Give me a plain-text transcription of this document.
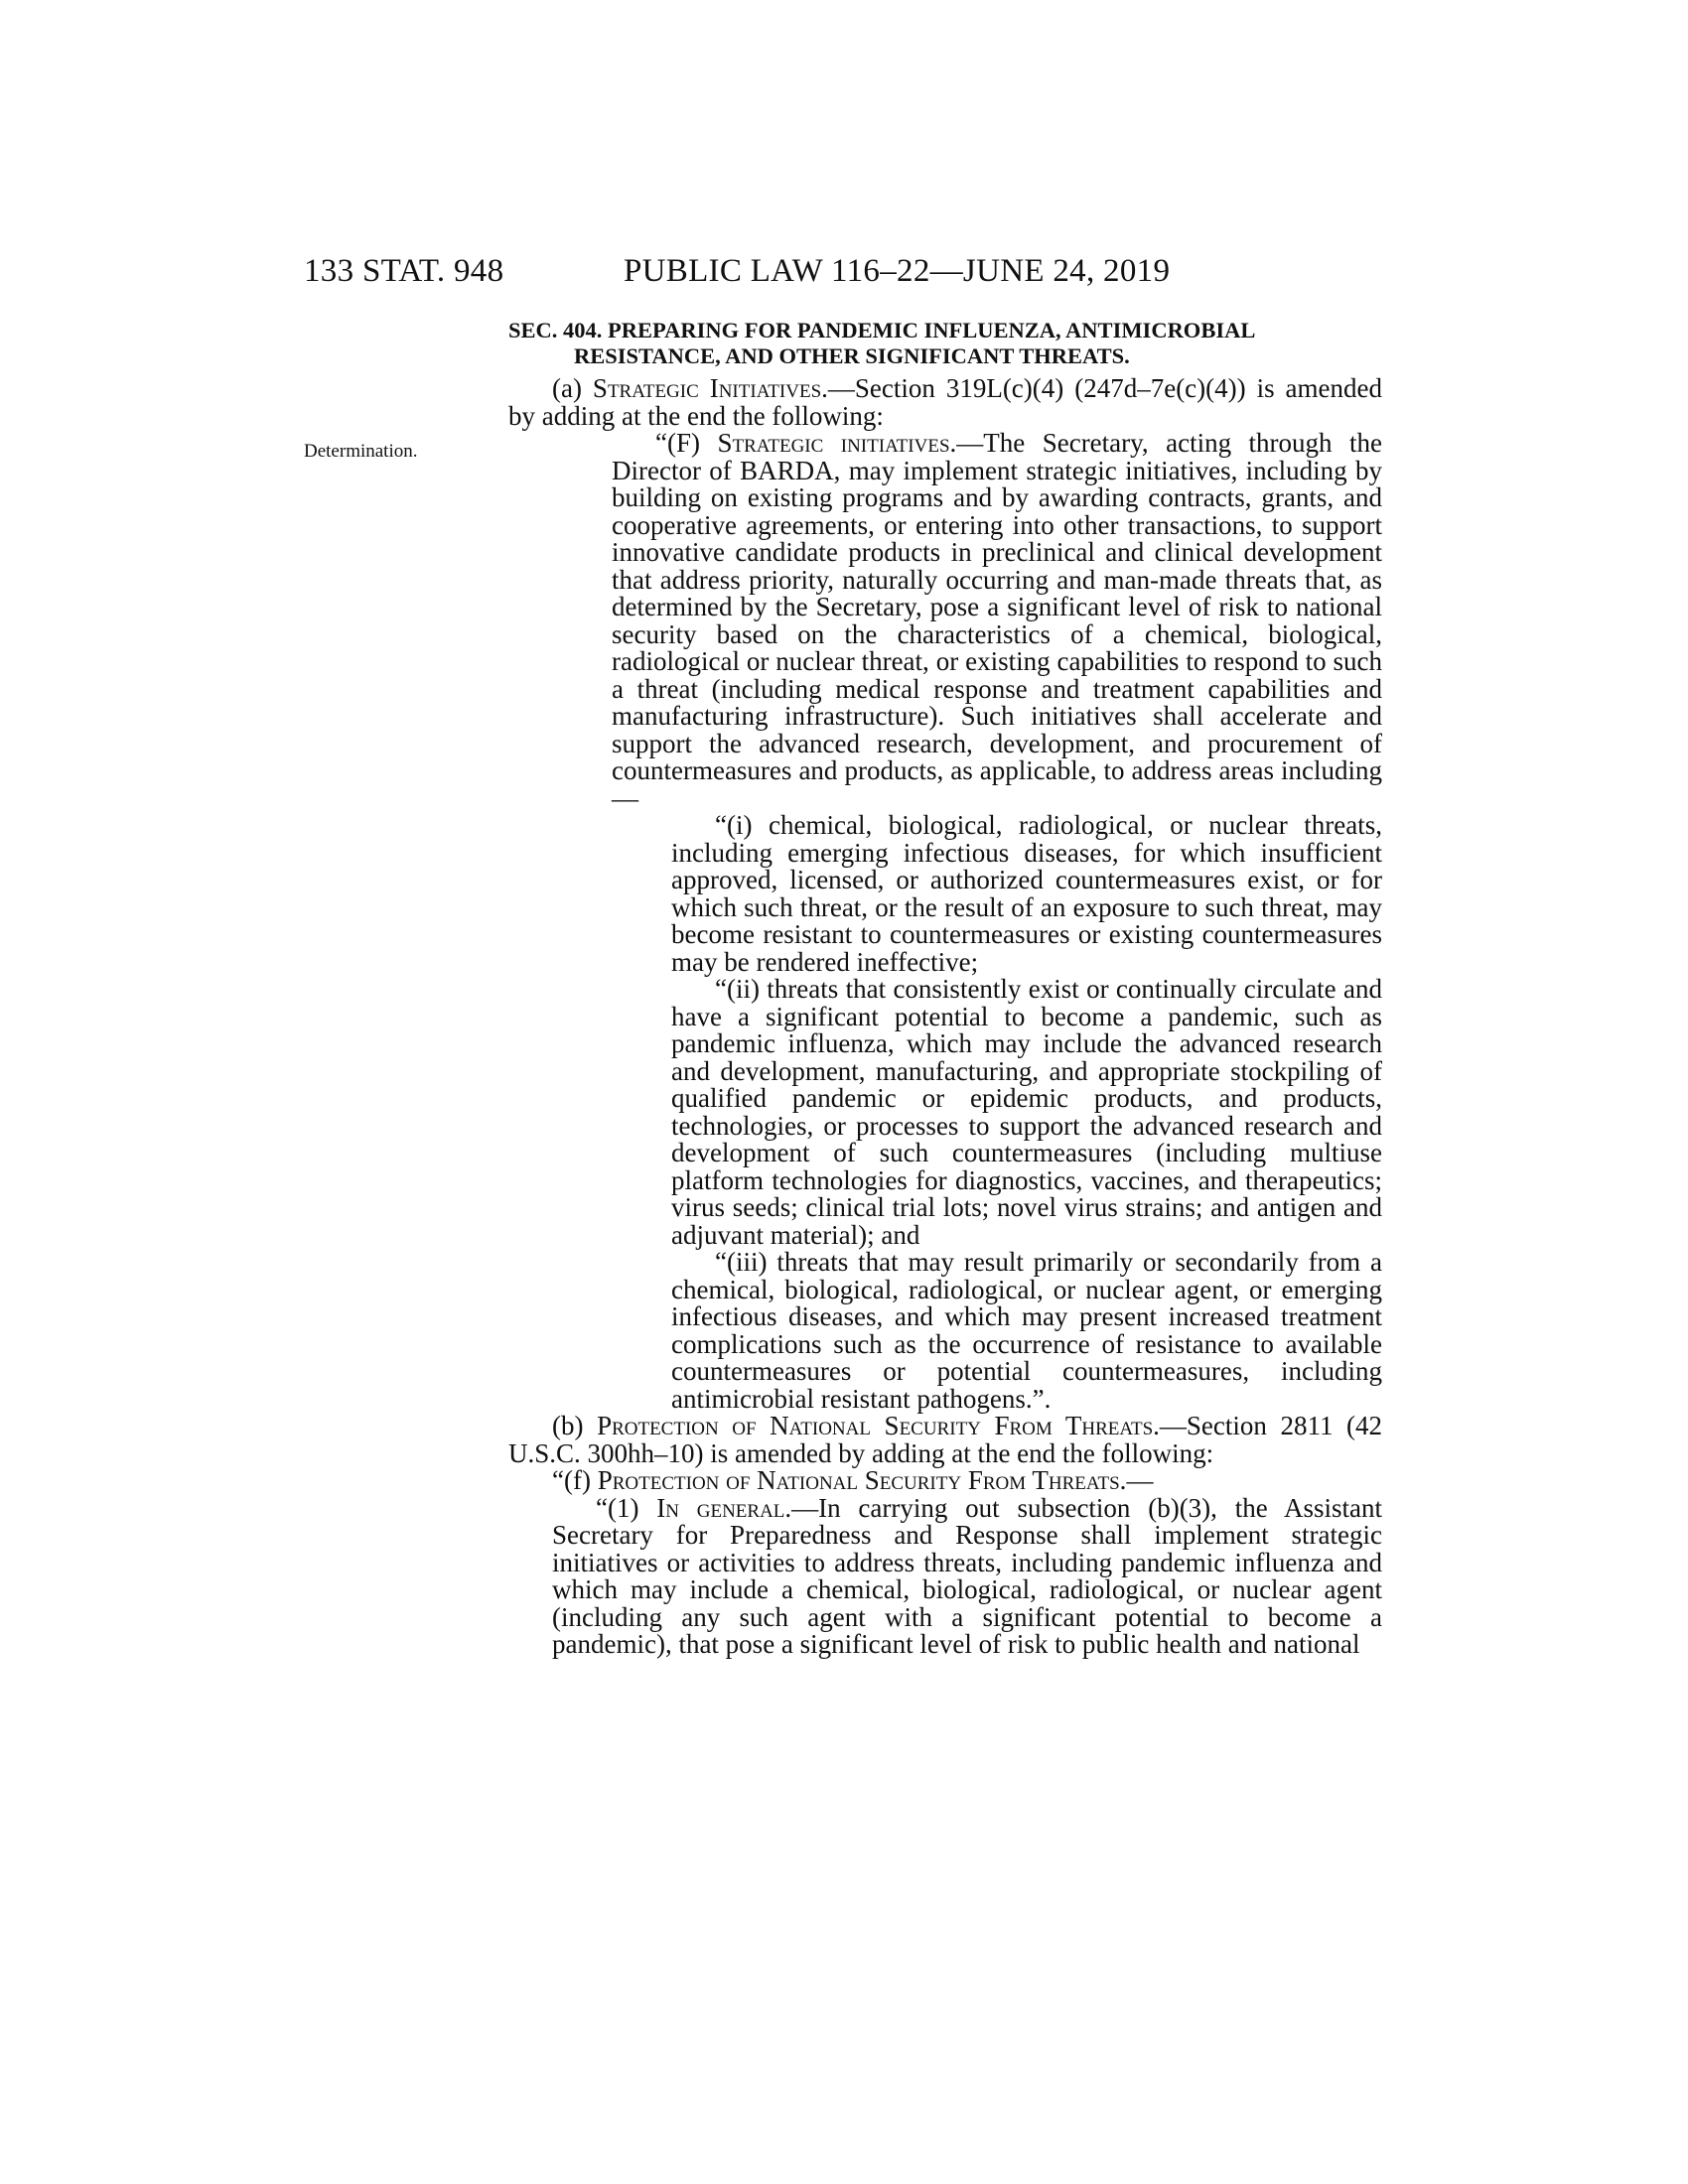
133 STAT. 948	PUBLIC LAW 116–22—JUNE 24, 2019
SEC. 404. PREPARING FOR PANDEMIC INFLUENZA, ANTIMICROBIAL
RESISTANCE, AND OTHER SIGNIFICANT THREATS.
Determination.

(a) Strategic Initiatives.—Section 319L(c)(4) (247d–7e(c)(4)) is amended by adding at the end the following:

“(F) Strategic initiatives.—The Secretary, acting through the Director of BARDA, may implement strategic initiatives, including by building on existing programs and by awarding contracts, grants, and cooperative agreements, or entering into other transactions, to support innovative candidate products in preclinical and clinical development that address priority, naturally occurring and man-made threats that, as determined by the Secretary, pose a significant level of risk to national security based on the characteristics of a chemical, biological, radiological or nuclear threat, or existing capabilities to respond to such a threat (including medical response and treatment capabilities and manufacturing infrastructure). Such initiatives shall accelerate and support the advanced research, development, and procurement of countermeasures and products, as applicable, to address areas including—

“(i) chemical, biological, radiological, or nuclear threats, including emerging infectious diseases, for which insufficient approved, licensed, or authorized countermeasures exist, or for which such threat, or the result of an exposure to such threat, may become resistant to countermeasures or existing countermeasures may be rendered ineffective;

“(ii) threats that consistently exist or continually circulate and have a significant potential to become a pandemic, such as pandemic influenza, which may include the advanced research and development, manufacturing, and appropriate stockpiling of qualified pandemic or epidemic products, and products, technologies, or processes to support the advanced research and development of such countermeasures (including multiuse platform technologies for diagnostics, vaccines, and therapeutics; virus seeds; clinical trial lots; novel virus strains; and antigen and adjuvant material); and

“(iii) threats that may result primarily or secondarily from a chemical, biological, radiological, or nuclear agent, or emerging infectious diseases, and which may present increased treatment complications such as the occurrence of resistance to available countermeasures or potential countermeasures, including antimicrobial resistant pathogens.”.

(b) Protection of National Security From Threats.—Section 2811 (42 U.S.C. 300hh–10) is amended by adding at the end the following:

“(f) Protection of National Security From Threats.—

“(1) In general.—In carrying out subsection (b)(3), the Assistant Secretary for Preparedness and Response shall implement strategic initiatives or activities to address threats, including pandemic influenza and which may include a chemical, biological, radiological, or nuclear agent (including any such agent with a significant potential to become a pandemic), that pose a significant level of risk to public health and national
